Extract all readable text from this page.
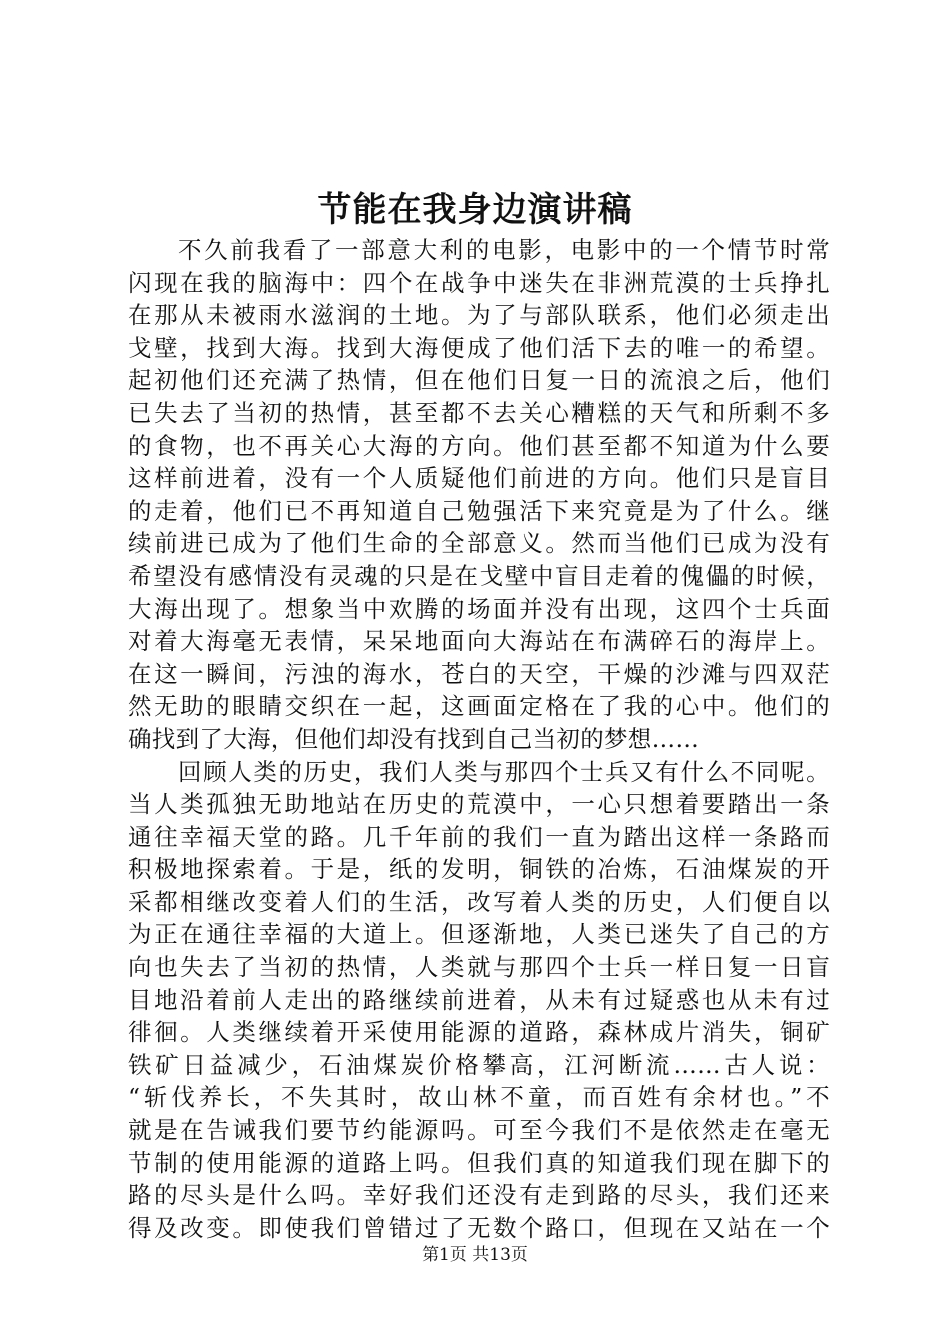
节能在我身边演讲稿
不久前我看了一部意大利的电影，电影中的一个情节时常
闪现在我的脑海中：四个在战争中迷失在非洲荒漠的士兵挣扎
在那从未被雨水滋润的土地。为了与部队联系，他们必须走出
戈壁，找到大海。找到大海便成了他们活下去的唯一的希望。
起初他们还充满了热情，但在他们日复一日的流浪之后，他们
已失去了当初的热情，甚至都不去关心糟糕的天气和所剩不多
的食物，也不再关心大海的方向。他们甚至都不知道为什么要
这样前进着，没有一个人质疑他们前进的方向。他们只是盲目
的走着，他们已不再知道自己勉强活下来究竟是为了什么。继
续前进已成为了他们生命的全部意义。然而当他们已成为没有
希望没有感情没有灵魂的只是在戈壁中盲目走着的傀儡的时候，
大海出现了。想象当中欢腾的场面并没有出现，这四个士兵面
对着大海毫无表情，呆呆地面向大海站在布满碎石的海岸上。
在这一瞬间，污浊的海水，苍白的天空，干燥的沙滩与四双茫
然无助的眼睛交织在一起，这画面定格在了我的心中。他们的
确找到了大海，但他们却没有找到自己当初的梦想……
回顾人类的历史，我们人类与那四个士兵又有什么不同呢。
当人类孤独无助地站在历史的荒漠中，一心只想着要踏出一条
通往幸福天堂的路。几千年前的我们一直为踏出这样一条路而
积极地探索着。于是，纸的发明，铜铁的冶炼，石油煤炭的开
采都相继改变着人们的生活，改写着人类的历史，人们便自以
为正在通往幸福的大道上。但逐渐地，人类已迷失了自己的方
向也失去了当初的热情，人类就与那四个士兵一样日复一日盲
目地沿着前人走出的路继续前进着，从未有过疑惑也从未有过
徘徊。人类继续着开采使用能源的道路，森林成片消失，铜矿
铁矿日益减少，石油煤炭价格攀高，江河断流……古人说：
“斩伐养长，不失其时，故山林不童，而百姓有余材也。”不
就是在告诫我们要节约能源吗。可至今我们不是依然走在毫无
节制的使用能源的道路上吗。但我们真的知道我们现在脚下的
路的尽头是什么吗。幸好我们还没有走到路的尽头，我们还来
得及改变。即使我们曾错过了无数个路口，但现在又站在一个
第1页 共13页
